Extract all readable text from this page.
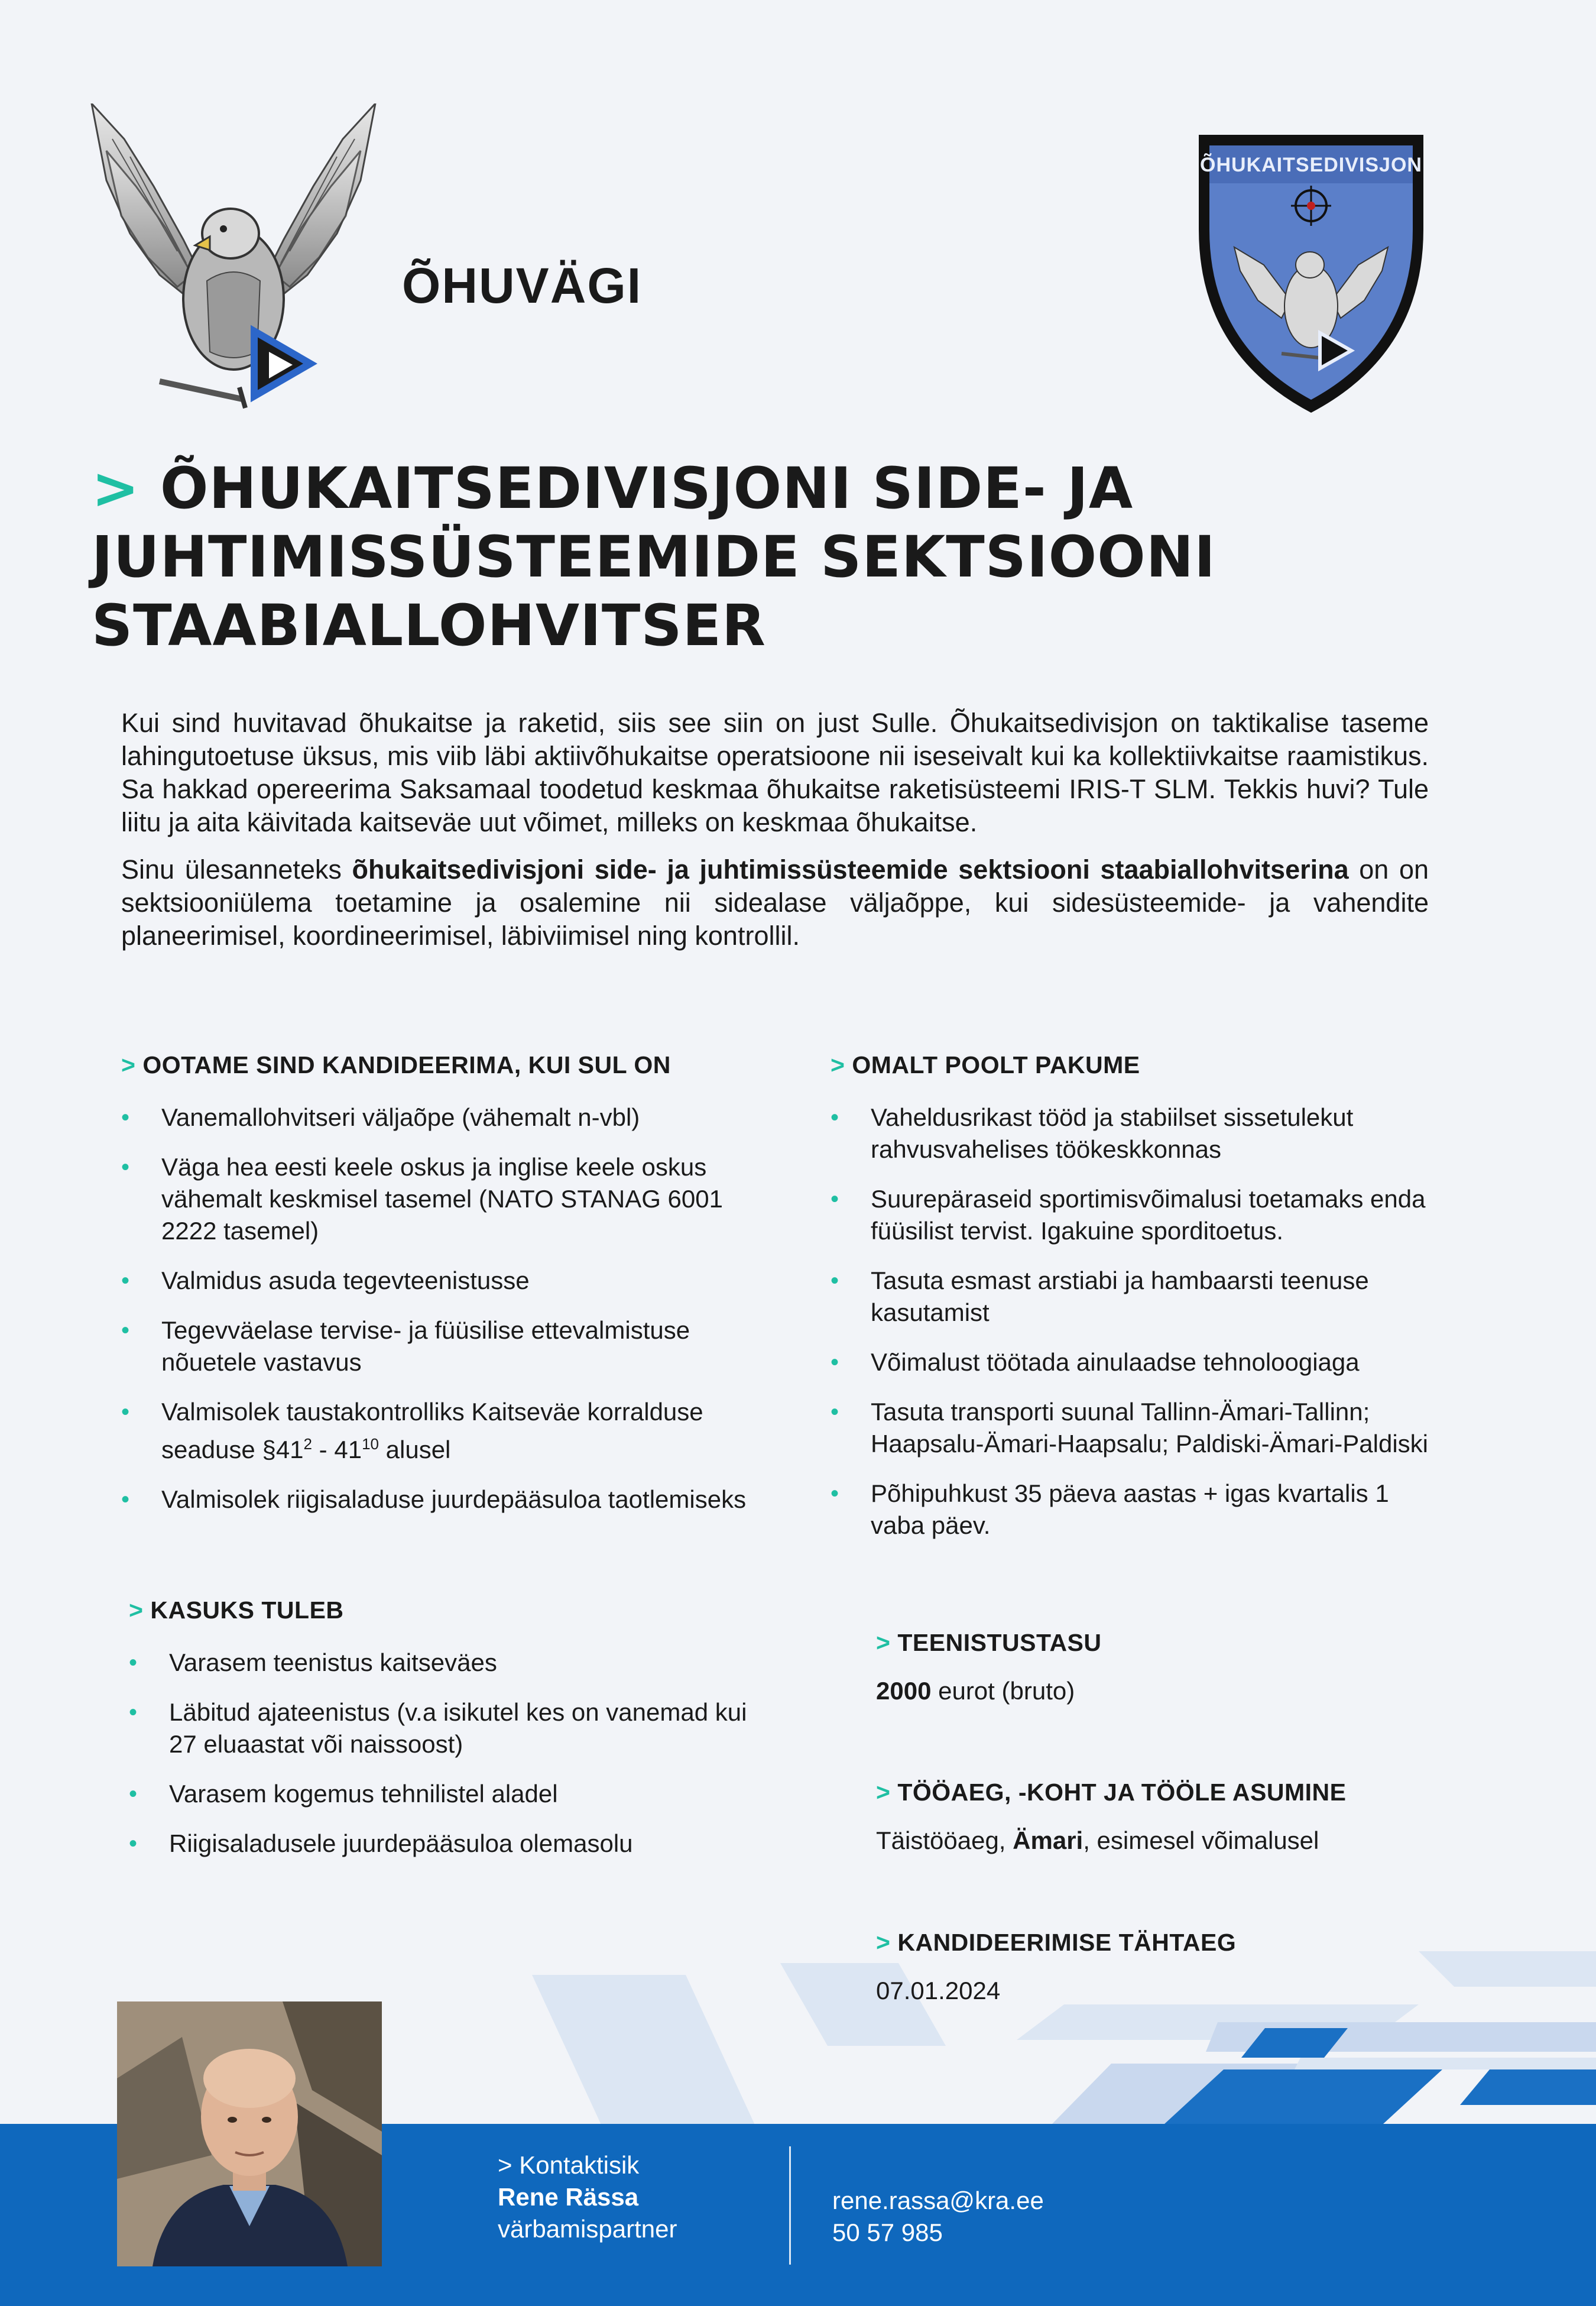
ÕHUVÄGI
ÕHUKAITSEDIVISJON
> ÕHUKAITSEDIVISJONI SIDE- JA
JUHTIMISSÜSTEEMIDE SEKTSIOONI
STAABIALLOHVITSER

Kui sind huvitavad õhukaitse ja raketid, siis see siin on just Sulle. Õhukaitsedivisjon on taktikalise taseme lahingutoetuse üksus, mis viib läbi aktiivõhukaitse operatsioone nii iseseivalt kui ka kollektiivkaitse raamistikus. Sa hakkad opereerima Saksamaal toodetud keskmaa õhukaitse raketisüsteemi IRIS-T SLM. Tekkis huvi? Tule liitu ja aita käivitada kaitseväe uut võimet, milleks on keskmaa õhukaitse.

Sinu ülesanneteks õhukaitsedivisjoni side- ja juhtimissüsteemide sektsiooni staabiallohvitserina on on sektsiooniülema toetamine ja osalemine nii sidealase väljaõppe, kui sidesüsteemide- ja vahendite planeerimisel, koordineerimisel, läbiviimisel ning kontrollil.

> OOTAME SIND KANDIDEERIMA, KUI SUL ON
• Vanemallohvitseri väljaõpe (vähemalt n-vbl)
• Väga hea eesti keele oskus ja inglise keele oskus vähemalt keskmisel tasemel (NATO STANAG 6001 2222 tasemel)
• Valmidus asuda tegevteenistusse
• Tegevväelase tervise- ja füüsilise ettevalmistuse nõuetele vastavus
• Valmisolek taustakontrolliks Kaitseväe korralduse seaduse $\S 41^2 - 41^{10}$ alusel
• Valmisolek riigisaladuse juurdepääsuloa taotlemiseks
> OMALT POOLT PAKUME
• Vaheldusrikast tööd ja stabiilset sissetulekut rahvusvahelises töökeskkonnas
• Suurepäraseid sportimisvõimalusi toetamaks enda füüsilist tervist. Igakuine sporditoetus.
• Tasuta esmast arstiabi ja hambaarsti teenuse kasutamist
• Võimalust töötada ainulaadse tehnoloogiaga
• Tasuta transporti suunal Tallinn-Ämari-Tallinn; Haapsalu-Ämari-Haapsalu; Paldiski-Ämari-Paldiski
• Põhipuhkust 35 päeva aastas + igas kvartalis 1 vaba päev.
> KASUKS TULEB
• Varasem teenistus kaitseväes
• Läbitud ajateenistus (v.a isikutel kes on vanemad kui 27 eluaastat või naissoost)
• Varasem kogemus tehnilistel aladel
• Riigisaladusele juurdepääsuloa olemasolu
> TEENISTUSTASU
2000 eurot (bruto)
> TÖÖAEG, -KOHT JA TÖÖLE ASUMINE
Täistööaeg, Ämari, esimesel võimalusel
> KANDIDEERIMISE TÄHTAEG
07.01.2024
> Kontaktisik
Rene Rässa
värbamispartner
rene.rassa@kra.ee
50 57 985
